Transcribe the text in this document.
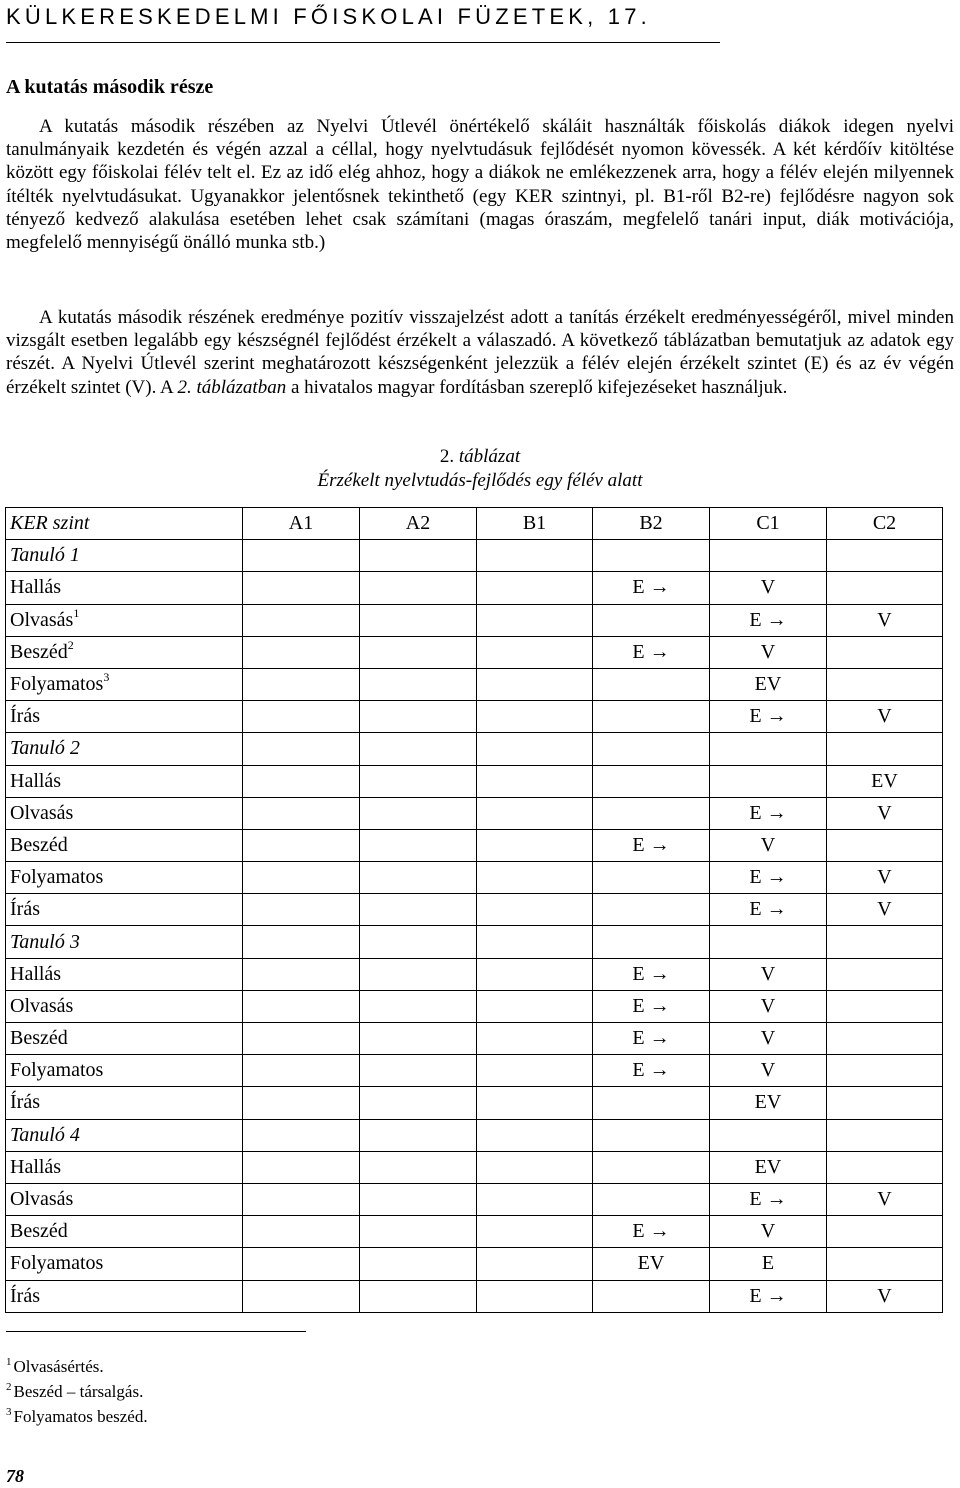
KÜLKERESKEDELMI FŐISKOLAI FÜZETEK, 17.
A kutatás második része

A kutatás második részében az Nyelvi Útlevél önértékelő skáláit használták főiskolás diákok idegen nyelvi tanulmányaik kezdetén és végén azzal a céllal, hogy nyelvtudásuk fejlődését nyomon kövessék. A két kérdőív kitöltése között egy főiskolai félév telt el. Ez az idő elég ahhoz, hogy a diákok ne emlékezzenek arra, hogy a félév elején milyennek ítélték nyelvtudásukat. Ugyanakkor jelentősnek tekinthető (egy KER szintnyi, pl. B1-ről B2-re) fejlődésre nagyon sok tényező kedvező alakulása esetében lehet csak számítani (magas óraszám, megfelelő tanári input, diák motivációja, megfelelő mennyiségű önálló munka stb.)

A kutatás második részének eredménye pozitív visszajelzést adott a tanítás érzékelt eredményességéről, mivel minden vizsgált esetben legalább egy készségnél fejlődést érzékelt a válaszadó. A következő táblázatban bemutatjuk az adatok egy részét. A Nyelvi Útlevél szerint meghatározott készségenként jelezzük a félév elején érzékelt szintet (E) és az év végén érzékelt szintet (V). A 2. táblázatban a hivatalos magyar fordításban szereplő kifejezéseket használjuk.

2. táblázat
Érzékelt nyelvtudás-fejlődés egy félév alatt
KER szint	A1	A2	B1	B2	C1	C2
Tanuló 1						
Hallás				E →	V	

Olvasás$^1$					E →	V

Beszéd$^2$				E →	V	

Folyamatos$^3$					EV	

Írás					E →	V

Tanuló 2						
Hallás						EV

Olvasás					E →	V

Beszéd				E →	V	

Folyamatos					E →	V

Írás					E →	V

Tanuló 3						
Hallás				E →	V	

Olvasás				E →	V	

Beszéd				E →	V	

Folyamatos				E →	V	

Írás					EV	

Tanuló 4						
Hallás					EV	

Olvasás					E →	V

Beszéd				E →	V	

Folyamatos				EV	E	

Írás					E →	V
$^1$ Olvasásértés.
$^2$ Beszéd – társalgás.
$^3$ Folyamatos beszéd.
78
